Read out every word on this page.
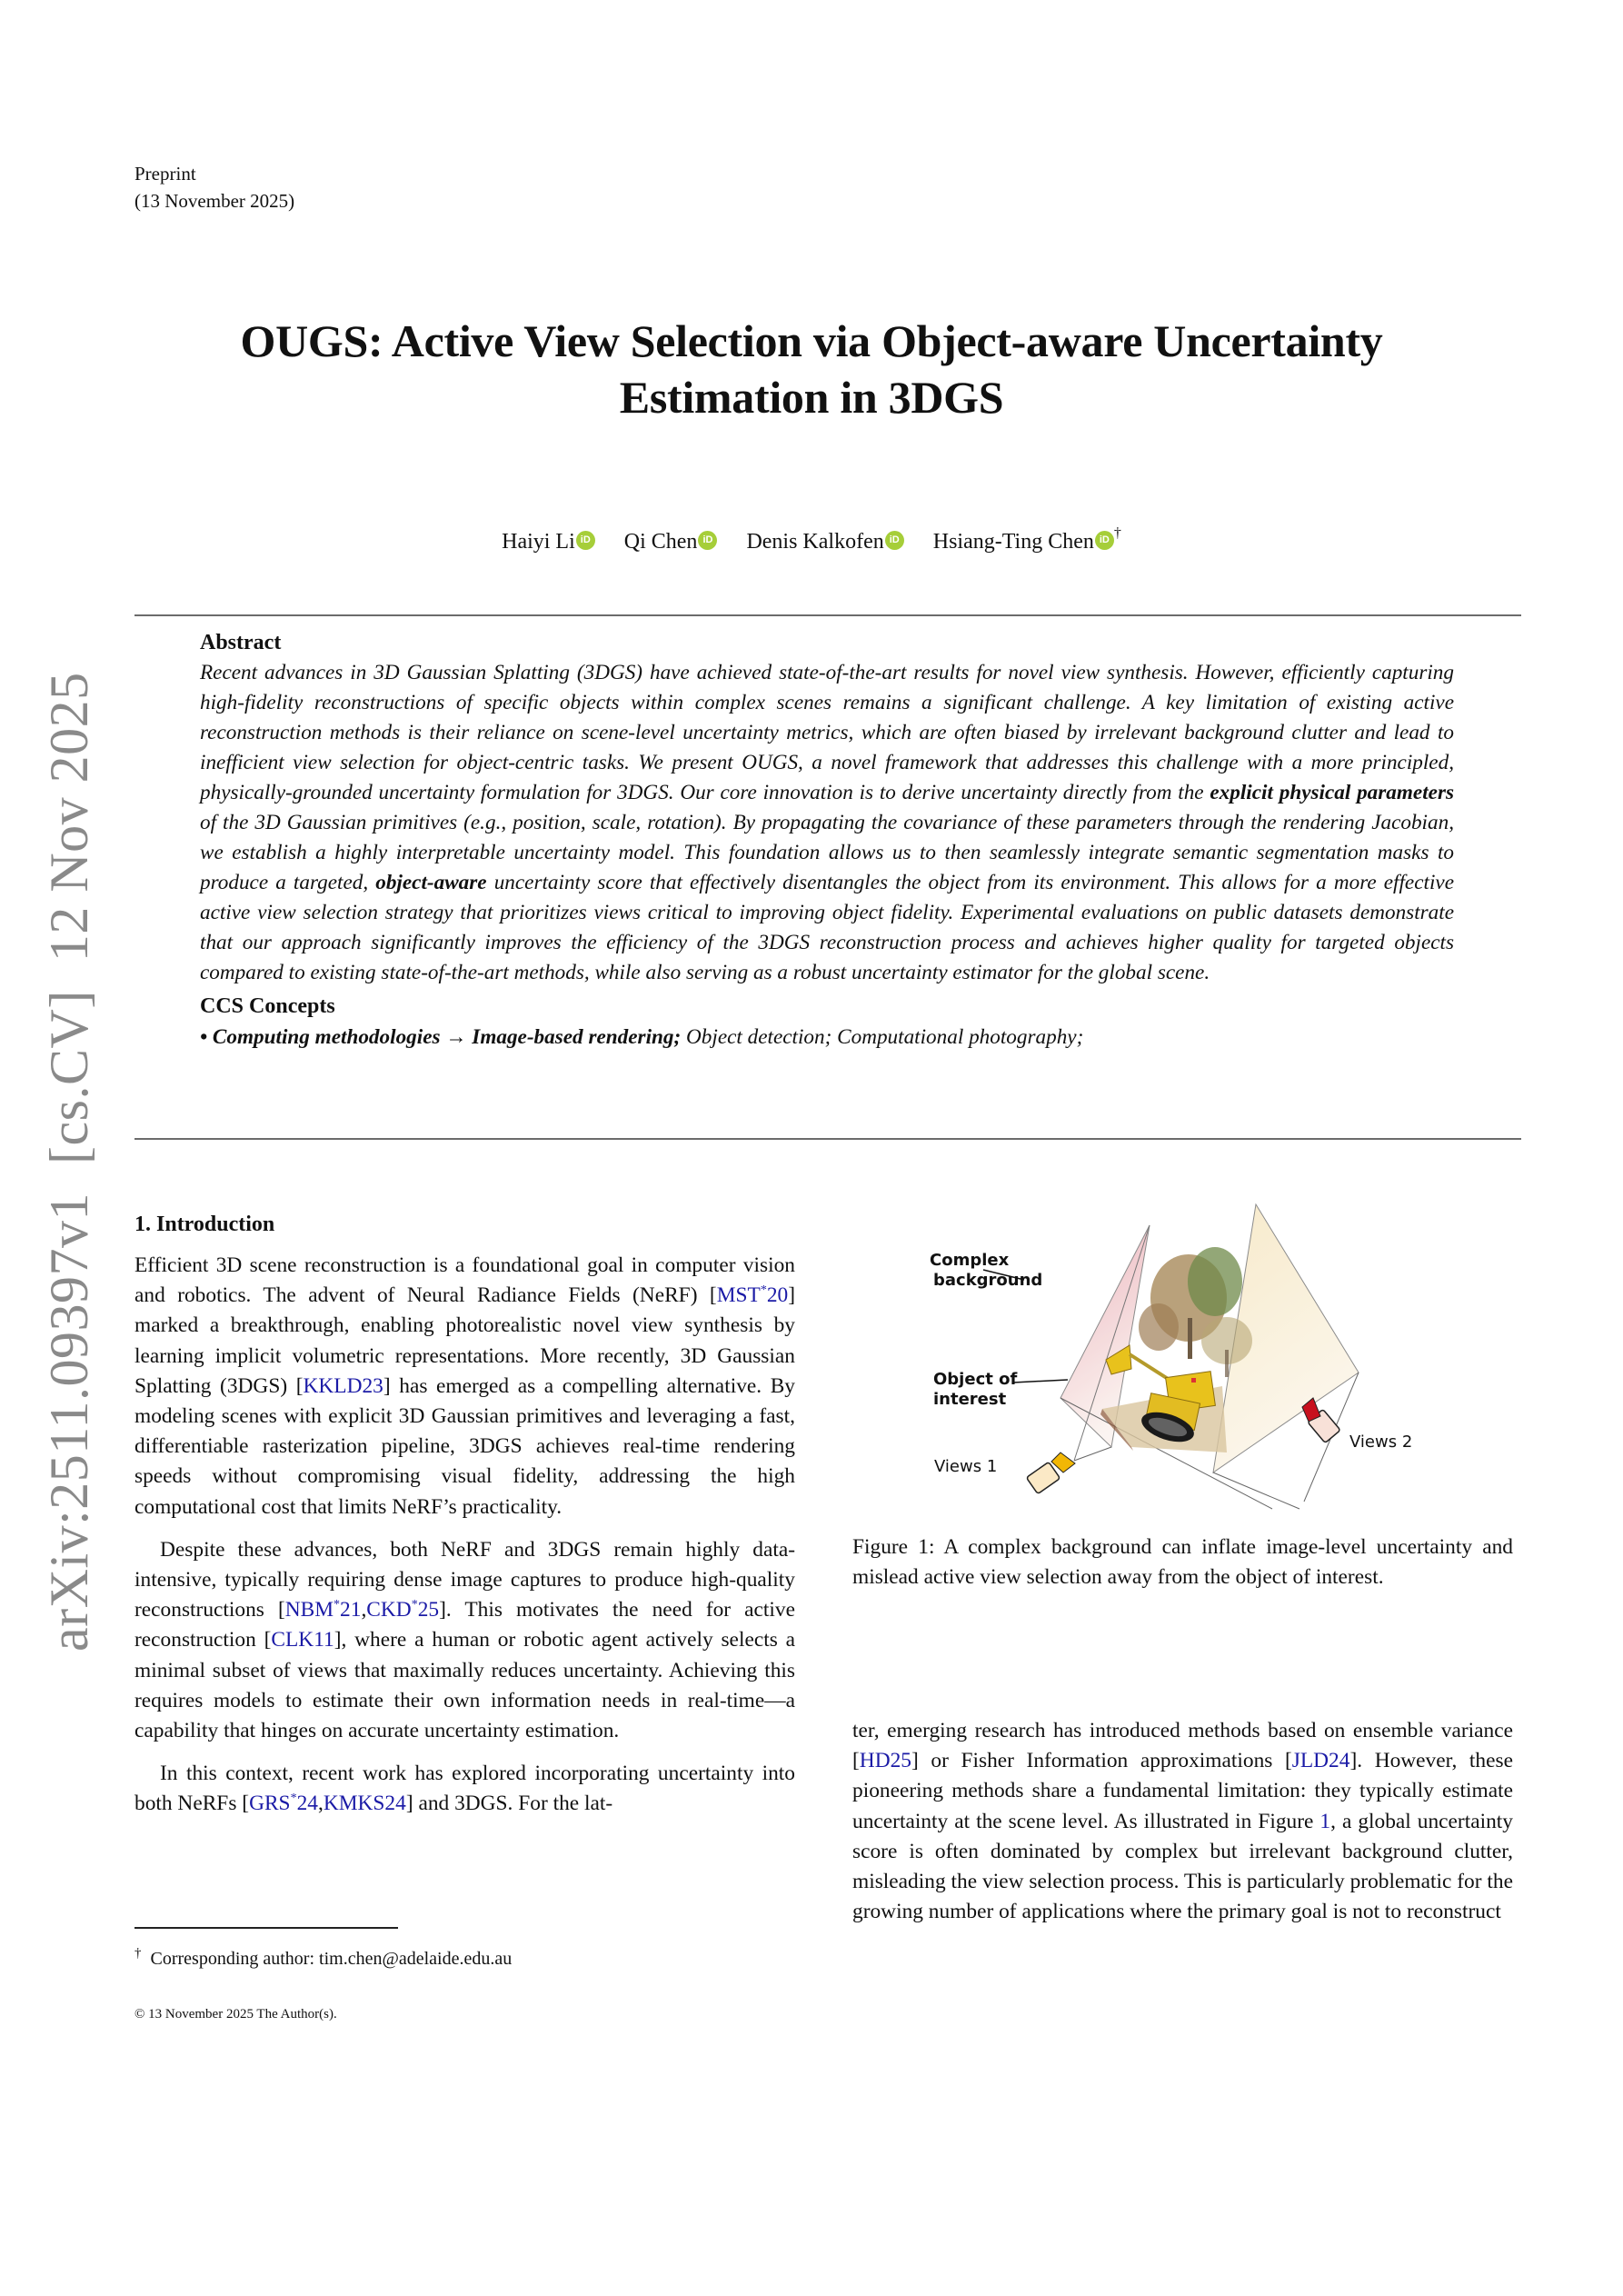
Preprint
(13 November 2025)
arXiv:2511.09397v1  [cs.CV]  12 Nov 2025
OUGS: Active View Selection via Object-aware Uncertainty
Estimation in 3DGS
Haiyi Li iD Qi Chen iD Denis Kalkofen iD Hsiang-Ting Chen iD †
Abstract
Recent advances in 3D Gaussian Splatting (3DGS) have achieved state-of-the-art results for novel view synthesis. However, efficiently capturing high-fidelity reconstructions of specific objects within complex scenes remains a significant challenge. A key limitation of existing active reconstruction methods is their reliance on scene-level uncertainty metrics, which are often biased by irrelevant background clutter and lead to inefficient view selection for object-centric tasks. We present OUGS, a novel framework that addresses this challenge with a more principled, physically-grounded uncertainty formulation for 3DGS. Our core innovation is to derive uncertainty directly from the explicit physical parameters of the 3D Gaussian primitives (e.g., position, scale, rotation). By propagating the covariance of these parameters through the rendering Jacobian, we establish a highly interpretable uncertainty model. This foundation allows us to then seamlessly integrate semantic segmentation masks to produce a targeted, object-aware uncertainty score that effectively disentangles the object from its environment. This allows for a more effective active view selection strategy that prioritizes views critical to improving object fidelity. Experimental evaluations on public datasets demonstrate that our approach significantly improves the efficiency of the 3DGS reconstruction process and achieves higher quality for targeted objects compared to existing state-of-the-art methods, while also serving as a robust uncertainty estimator for the global scene.
CCS Concepts
• Computing methodologies → Image-based rendering; Object detection; Computational photography;
1. Introduction

Efficient 3D scene reconstruction is a foundational goal in computer vision and robotics. The advent of Neural Radiance Fields (NeRF) [MST*20] marked a breakthrough, enabling photorealistic novel view synthesis by learning implicit volumetric representations. More recently, 3D Gaussian Splatting (3DGS) [KKLD23] has emerged as a compelling alternative. By modeling scenes with explicit 3D Gaussian primitives and leveraging a fast, differentiable rasterization pipeline, 3DGS achieves real-time rendering speeds without compromising visual fidelity, addressing the high computational cost that limits NeRF’s practicality.

Despite these advances, both NeRF and 3DGS remain highly data-intensive, typically requiring dense image captures to produce high-quality reconstructions [NBM*21,CKD*25]. This motivates the need for active reconstruction [CLK11], where a human or robotic agent actively selects a minimal subset of views that maximally reduces uncertainty. Achieving this requires models to estimate their own information needs in real-time—a capability that hinges on accurate uncertainty estimation.

In this context, recent work has explored incorporating uncertainty into both NeRFs [GRS*24,KMKS24] and 3DGS. For the lat-

† Corresponding author: tim.chen@adelaide.edu.au
© 13 November 2025 The Author(s).
Complex
background
Object of
interest
Views 1
Views 2
Figure 1: A complex background can inflate image-level uncertainty and mislead active view selection away from the object of interest.

ter, emerging research has introduced methods based on ensemble variance [HD25] or Fisher Information approximations [JLD24]. However, these pioneering methods share a fundamental limitation: they typically estimate uncertainty at the scene level. As illustrated in Figure 1, a global uncertainty score is often dominated by complex but irrelevant background clutter, misleading the view selection process. This is particularly problematic for the growing number of applications where the primary goal is not to reconstruct
